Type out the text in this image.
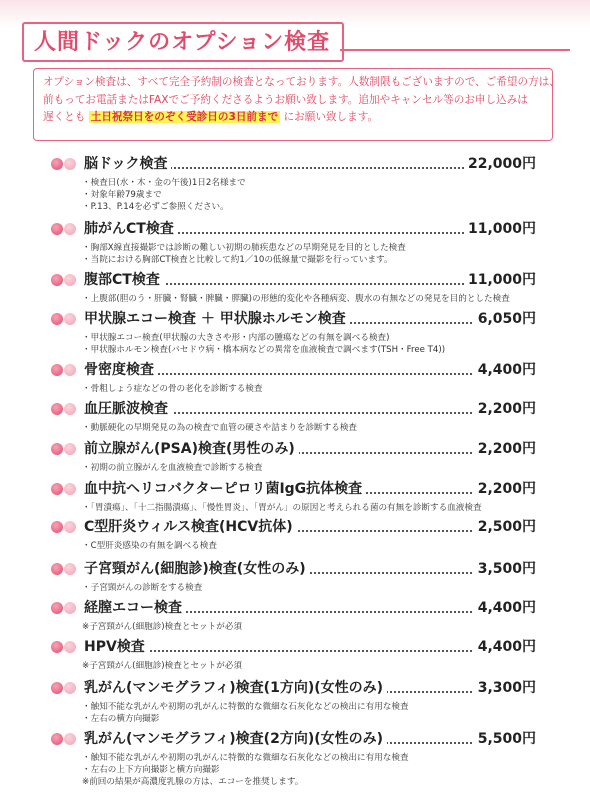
人間ドックのオプション検査

オプション検査は、すべて完全予約制の検査となっております。人数制限もございますので、ご希望の方は、

前もってお電話またはFAXでご予約くださるようお願い致します。追加やキャンセル等のお申し込みは

遅くとも 土日祝祭日をのぞく受診日の3日前まで にお願い致します。

脳ドック検査	22,000円
・検査日(水・木・金の午後)1日2名様まで
・対象年齢79歳まで
・P.13、P.14を必ずご参照ください。
肺がんCT検査	11,000円
・胸部X線直接撮影では診断の難しい初期の肺疾患などの早期発見を目的とした検査
・当院における胸部CT検査と比較して約1／10の低線量で撮影を行っています。
腹部CT検査	11,000円
・上腹部(胆のう・肝臓・腎臓・脾臓・膵臓)の形態的変化や各種病変、腹水の有無などの発見を目的とした検査
甲状腺エコー検査 ＋ 甲状腺ホルモン検査	6,050円
・甲状腺エコー検査(甲状腺の大きさや形・内部の腫瘍などの有無を調べる検査)
・甲状腺ホルモン検査(バセドウ病・橋本病などの異常を血液検査で調べます(TSH・Free T4))
骨密度検査	4,400円
・骨粗しょう症などの骨の老化を診断する検査
血圧脈波検査	2,200円
・動脈硬化の早期発見の為の検査で血管の硬さや詰まりを診断する検査
前立腺がん(PSA)検査(男性のみ)	2,200円
・初期の前立腺がんを血液検査で診断する検査
血中抗ヘリコバクターピロリ菌IgG抗体検査	2,200円
・「胃潰瘍」、「十二指腸潰瘍」、「慢性胃炎」、「胃がん」の原因と考えられる菌の有無を診断する血液検査
C型肝炎ウィルス検査(HCV抗体)	2,500円
・C型肝炎感染の有無を調べる検査
子宮頸がん(細胞診)検査(女性のみ)	3,500円
・子宮頸がんの診断をする検査
経膣エコー検査	4,400円
※子宮頸がん(細胞診)検査とセットが必須
HPV検査	4,400円
※子宮頸がん(細胞診)検査とセットが必須
乳がん(マンモグラフィ)検査(1方向)(女性のみ)	3,300円
・触知不能な乳がんや初期の乳がんに特徴的な微細な石灰化などの検出に有用な検査
・左右の横方向撮影
乳がん(マンモグラフィ)検査(2方向)(女性のみ)	5,500円
・触知不能な乳がんや初期の乳がんに特徴的な微細な石灰化などの検出に有用な検査
・左右の上下方向撮影と横方向撮影
※前回の結果が高濃度乳腺の方は、エコーを推奨します。
